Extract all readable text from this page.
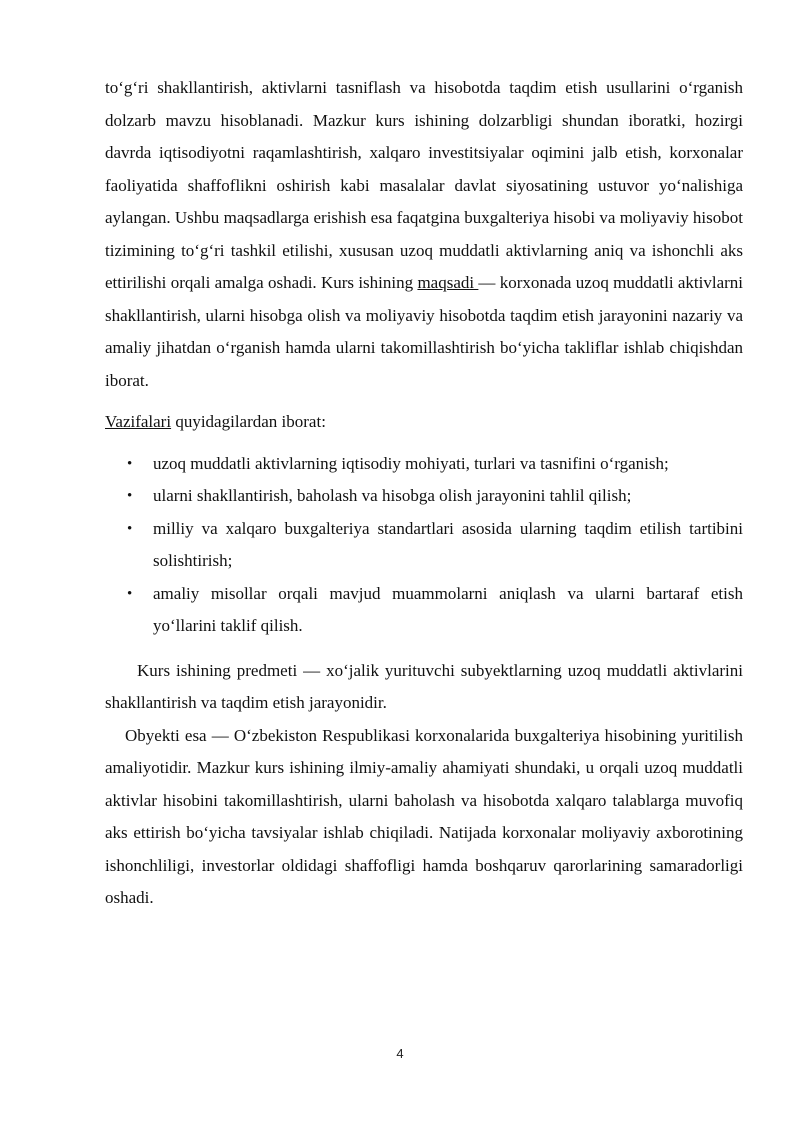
to‘g‘ri shakllantirish, aktivlarni tasniflash va hisobotda taqdim etish usullarini o‘rganish dolzarb mavzu hisoblanadi. Mazkur kurs ishining dolzarbligi shundan iboratki, hozirgi davrda iqtisodiyotni raqamlashtirish, xalqaro investitsiyalar oqimini jalb etish, korxonalar faoliyatida shaffoflikni oshirish kabi masalalar davlat siyosatining ustuvor yo‘nalishiga aylangan. Ushbu maqsadlarga erishish esa faqatgina buxgalteriya hisobi va moliyaviy hisobot tizimining to‘g‘ri tashkil etilishi, xususan uzoq muddatli aktivlarning aniq va ishonchli aks ettirilishi orqali amalga oshadi. Kurs ishining maqsadi — korxonada uzoq muddatli aktivlarni shakllantirish, ularni hisobga olish va moliyaviy hisobotda taqdim etish jarayonini nazariy va amaliy jihatdan o‘rganish hamda ularni takomillashtirish bo‘yicha takliflar ishlab chiqishdan iborat.

Vazifalari quyidagilardan iborat:

• uzoq muddatli aktivlarning iqtisodiy mohiyati, turlari va tasnifini o‘rganish;
• ularni shakllantirish, baholash va hisobga olish jarayonini tahlil qilish;
• milliy va xalqaro buxgalteriya standartlari asosida ularning taqdim etilish tartibini solishtirish;
• amaliy misollar orqali mavjud muammolarni aniqlash va ularni bartaraf etish yo‘llarini taklif qilish.

Kurs ishining predmeti — xo‘jalik yurituvchi subyektlarning uzoq muddatli aktivlarini shakllantirish va taqdim etish jarayonidir.

Obyekti esa — O‘zbekiston Respublikasi korxonalarida buxgalteriya hisobining yuritilish amaliyotidir. Mazkur kurs ishining ilmiy-amaliy ahamiyati shundaki, u orqali uzoq muddatli aktivlar hisobini takomillashtirish, ularni baholash va hisobotda xalqaro talablarga muvofiq aks ettirish bo‘yicha tavsiyalar ishlab chiqiladi. Natijada korxonalar moliyaviy axborotining ishonchliligi, investorlar oldidagi shaffofligi hamda boshqaruv qarorlarining samaradorligi oshadi.

4
